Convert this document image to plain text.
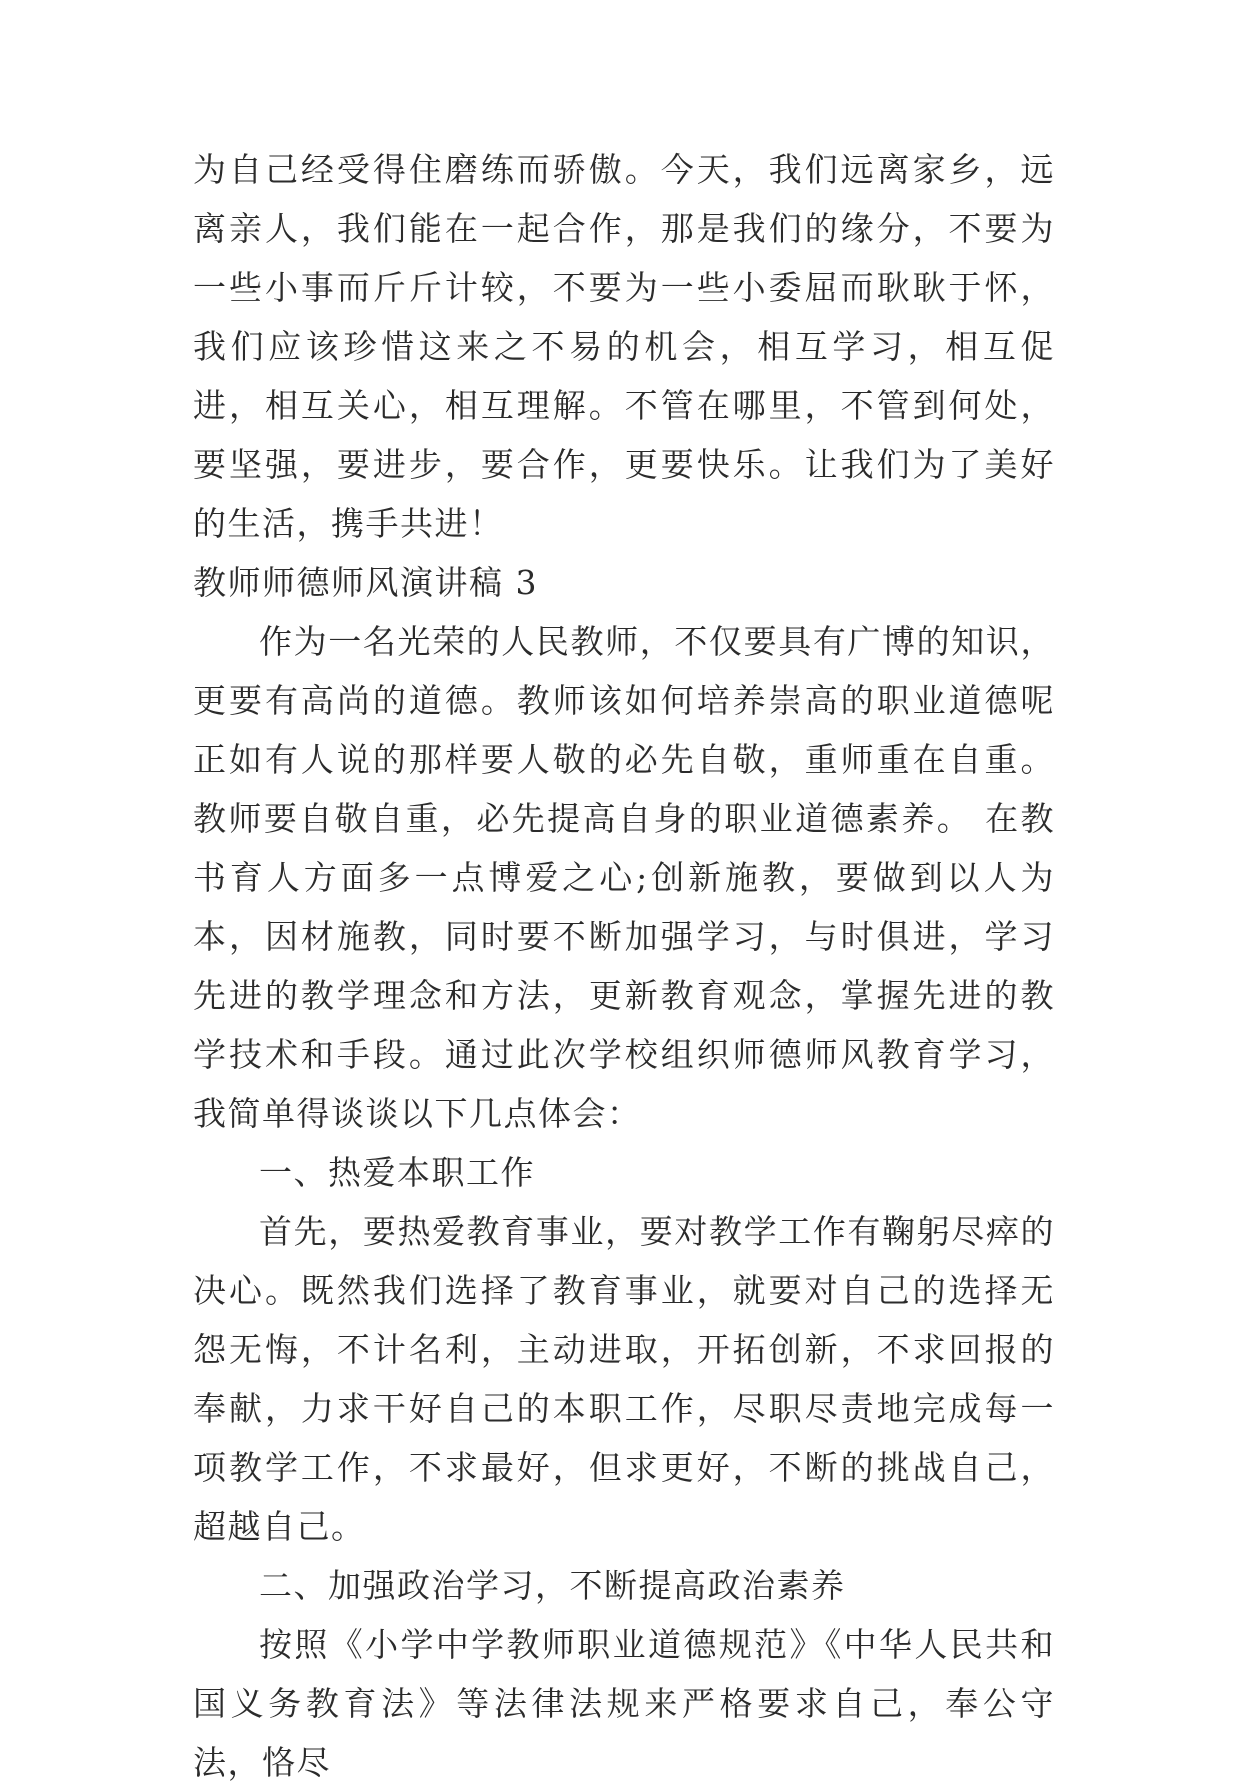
为自己经受得住磨练而骄傲。今天，我们远离家乡，远离亲人，我们能在一起合作，那是我们的缘分，不要为一些小事而斤斤计较，不要为一些小委屈而耿耿于怀，我们应该珍惜这来之不易的机会，相互学习，相互促进，相互关心，相互理解。不管在哪里，不管到何处，要坚强，要进步，要合作，更要快乐。让我们为了美好的生活，携手共进！

教师师德师风演讲稿 3

作为一名光荣的人民教师，不仅要具有广博的知识，更要有高尚的道德。教师该如何培养崇高的职业道德呢正如有人说的那样要人敬的必先自敬，重师重在自重。教师要自敬自重，必先提高自身的职业道德素养。 在教书育人方面多一点博爱之心;创新施教，要做到以人为本，因材施教，同时要不断加强学习，与时俱进，学习先进的教学理念和方法，更新教育观念，掌握先进的教学技术和手段。通过此次学校组织师德师风教育学习，我简单得谈谈以下几点体会：

一、热爱本职工作

首先，要热爱教育事业，要对教学工作有鞠躬尽瘁的决心。既然我们选择了教育事业，就要对自己的选择无怨无悔，不计名利，主动进取，开拓创新，不求回报的奉献，力求干好自己的本职工作，尽职尽责地完成每一项教学工作，不求最好，但求更好，不断的挑战自己，超越自己。

二、加强政治学习，不断提高政治素养

按照《小学中学教师职业道德规范》《中华人民共和国义务教育法》等法律法规来严格要求自己，奉公守法，恪尽
